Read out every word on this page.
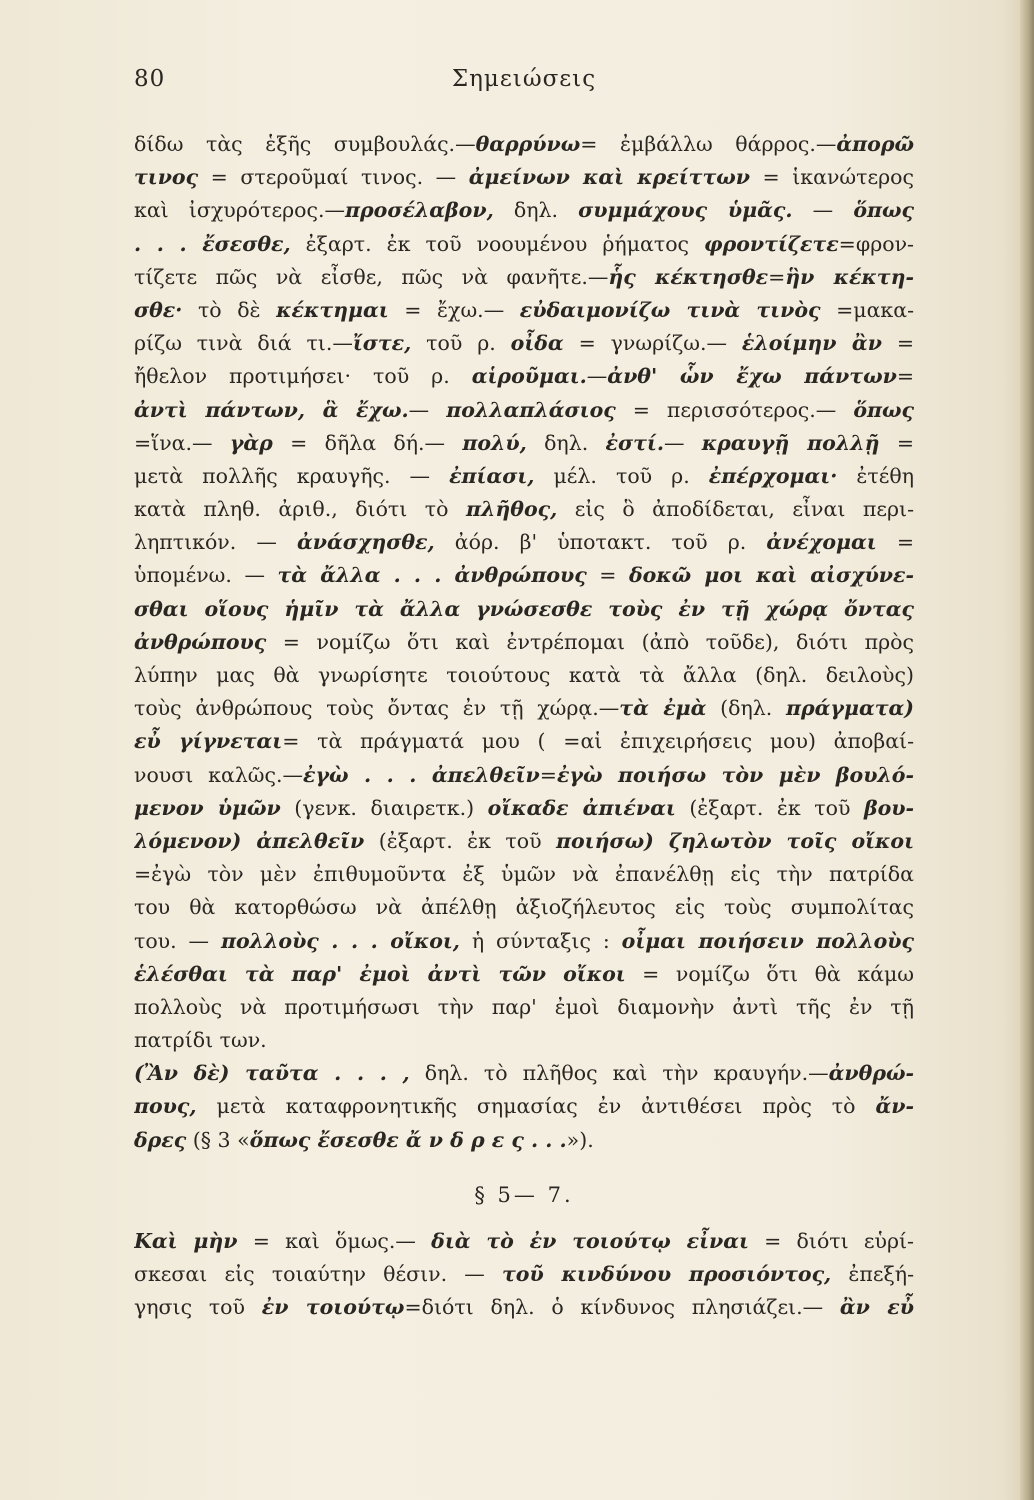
80	Σημειώσεις
δίδω τὰς ἑξῆς συμβουλάς.—θαρρύνω= ἐμβάλλω θάρρος.—ἀπορῶ
τινος = στεροῦμαί τινος. — ἀμείνων καὶ κρείττων = ἱκανώτερος
καὶ ἰσχυρότερος.—προσέλαβον, δηλ. συμμάχους ὑμᾶς. — ὅπως
. . . ἔσεσθε, ἐξαρτ. ἐκ τοῦ νοουμένου ῥήματος φροντίζετε=φρον-
τίζετε πῶς νὰ εἶσθε, πῶς νὰ φανῆτε.—ἧς κέκτησθε=ἣν κέκτη-
σθε· τὸ δὲ κέκτημαι = ἔχω.— εὐδαιμονίζω τινὰ τινὸς =μακα-
ρίζω τινὰ διά τι.—ἴστε, τοῦ ρ. οἶδα = γνωρίζω.— ἑλοίμην ἂν =
ἤθελον προτιμήσει· τοῦ ρ. αἱροῦμαι.—ἀνθ' ὧν ἔχω πάντων=
ἀντὶ πάντων, ἃ ἔχω.— πολλαπλάσιος = περισσότερος.— ὅπως
=ἵνα.— γὰρ = δῆλα δή.— πολύ, δηλ. ἐστί.— κραυγῇ πολλῇ =
μετὰ πολλῆς κραυγῆς. — ἐπίασι, μέλ. τοῦ ρ. ἐπέρχομαι· ἐτέθη
κατὰ πληθ. ἀριθ., διότι τὸ πλῆθος, εἰς ὃ ἀποδίδεται, εἶναι περι-
ληπτικόν. — ἀνάσχησθε, ἀόρ. β' ὑποτακτ. τοῦ ρ. ἀνέχομαι =
ὑπομένω. — τὰ ἄλλα . . . ἀνθρώπους = δοκῶ μοι καὶ αἰσχύνε-
σθαι οἵους ἡμῖν τὰ ἄλλα γνώσεσθε τοὺς ἐν τῇ χώρᾳ ὄντας
ἀνθρώπους = νομίζω ὅτι καὶ ἐντρέπομαι (ἀπὸ τοῦδε), διότι πρὸς
λύπην μας θὰ γνωρίσητε τοιούτους κατὰ τὰ ἄλλα (δηλ. δειλοὺς)
τοὺς ἀνθρώπους τοὺς ὄντας ἐν τῇ χώρᾳ.—τὰ ἐμὰ (δηλ. πράγματα)
εὖ γίγνεται= τὰ πράγματά μου ( =αἱ ἐπιχειρήσεις μου) ἀποβαί-
νουσι καλῶς.—ἐγὼ . . . ἀπελθεῖν=ἐγὼ ποιήσω τὸν μὲν βουλό-
μενον ὑμῶν (γενκ. διαιρετκ.) οἴκαδε ἀπιέναι (ἐξαρτ. ἐκ τοῦ βου-
λόμενον) ἀπελθεῖν (ἐξαρτ. ἐκ τοῦ ποιήσω) ζηλωτὸν τοῖς οἴκοι
=ἐγὼ τὸν μὲν ἐπιθυμοῦντα ἐξ ὑμῶν νὰ ἐπανέλθῃ εἰς τὴν πατρίδα
του θὰ κατορθώσω νὰ ἀπέλθῃ ἀξιοζήλευτος εἰς τοὺς συμπολίτας
του. — πολλοὺς . . . οἴκοι, ἡ σύνταξις : οἶμαι ποιήσειν πολλοὺς
ἑλέσθαι τὰ παρ' ἐμοὶ ἀντὶ τῶν οἴκοι = νομίζω ὅτι θὰ κάμω
πολλοὺς νὰ προτιμήσωσι τὴν παρ' ἐμοὶ διαμονὴν ἀντὶ τῆς ἐν τῇ
πατρίδι των.
(Ἂν δὲ) ταῦτα . . . , δηλ. τὸ πλῆθος καὶ τὴν κραυγήν.—ἀνθρώ-
πους, μετὰ καταφρονητικῆς σημασίας ἐν ἀντιθέσει πρὸς τὸ ἄν-
δρες (§ 3 «ὅπως ἔσεσθε ἄ ν δ ρ ε ς . . .»).
§ 5— 7.
Καὶ μὴν = καὶ ὅμως.— διὰ τὸ ἐν τοιούτῳ εἶναι = διότι εὑρί-
σκεσαι εἰς τοιαύτην θέσιν. — τοῦ κινδύνου προσιόντος, ἐπεξή-
γησις τοῦ ἐν τοιούτῳ=διότι δηλ. ὁ κίνδυνος πλησιάζει.— ἂν εὖ
